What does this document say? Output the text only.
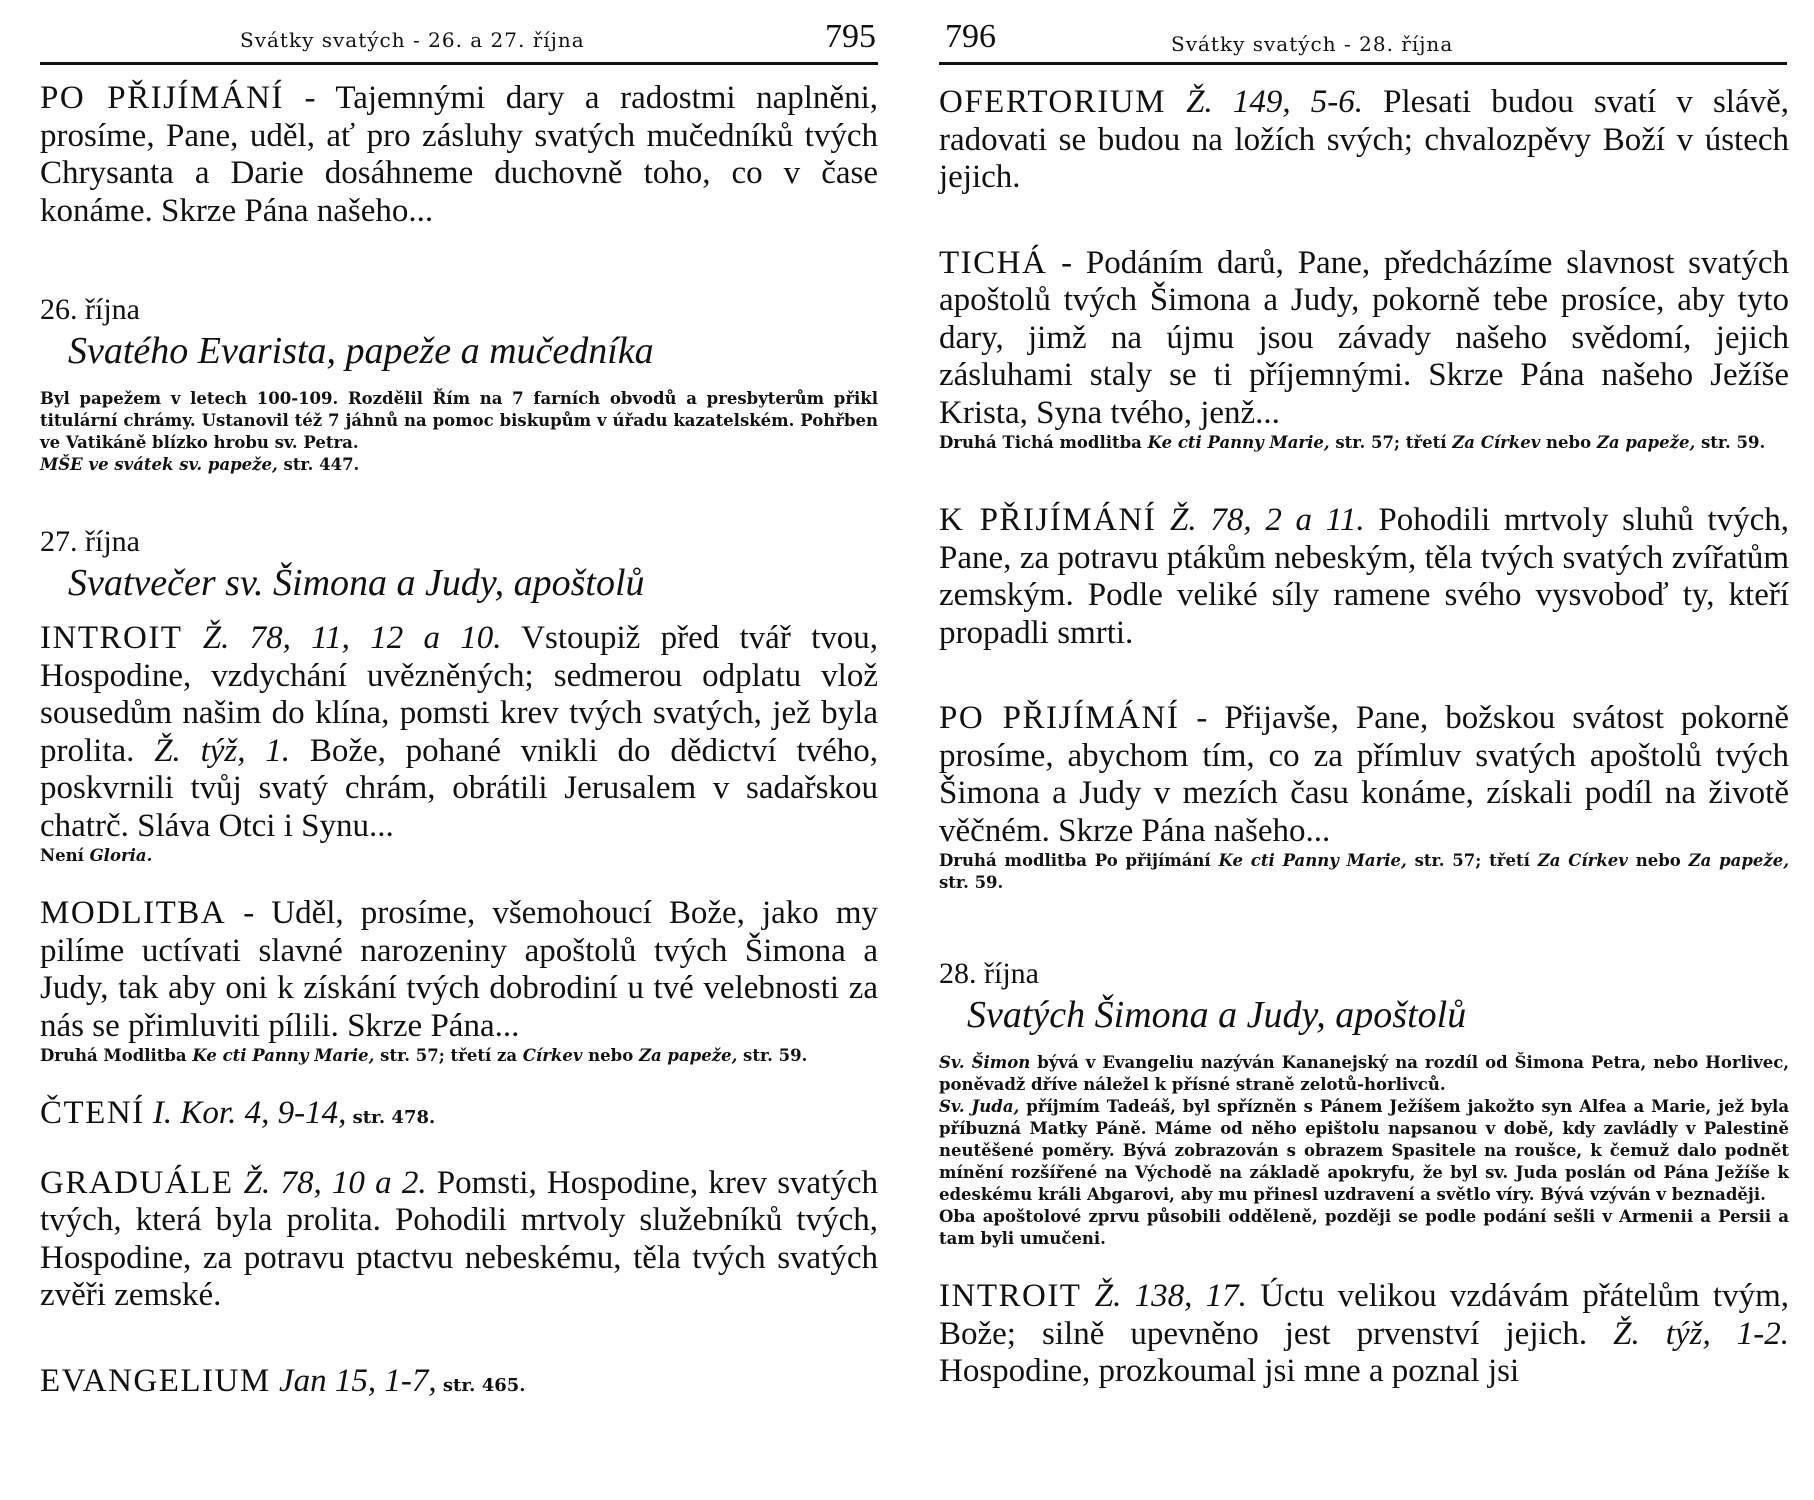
Svátky svatých - 26. a 27. října	795

PO PŘIJÍMÁNÍ - Tajemnými dary a radostmi naplněni, prosíme, Pane, uděl, ať pro zásluhy svatých mučedníků tvých Chrysanta a Darie dosáhneme duchovně toho, co v čase konáme. Skrze Pána našeho...

26. října

Svatého Evarista, papeže a mučedníka

Byl papežem v letech 100-109. Rozdělil Řím na 7 farních obvodů a presbyterům přikl titulární chrámy. Ustanovil též 7 jáhnů na pomoc biskupům v úřadu kazatelském. Pohřben ve Vatikáně blízko hrobu sv. Petra.
MŠE ve svátek sv. papeže, str. 447.

27. října

Svatvečer sv. Šimona a Judy, apoštolů

INTROIT Ž. 78, 11, 12 a 10. Vstoupiž před tvář tvou, Hospodine, vzdychání uvězněných; sedmerou odplatu vlož sousedům našim do klína, pomsti krev tvých svatých, jež byla prolita. Ž. týž, 1. Bože, pohané vnikli do dědictví tvého, poskvrnili tvůj svatý chrám, obrátili Jerusalem v sadařskou chatrč. Sláva Otci i Synu...

Není Gloria.

MODLITBA - Uděl, prosíme, všemohoucí Bože, jako my pilíme uctívati slavné narozeniny apoštolů tvých Šimona a Judy, tak aby oni k získání tvých dobrodiní u tvé velebnosti za nás se přimluviti pílili. Skrze Pána...

Druhá Modlitba Ke cti Panny Marie, str. 57; třetí za Církev nebo Za papeže, str. 59.

ČTENÍ I. Kor. 4, 9-14, str. 478.

GRADUÁLE Ž. 78, 10 a 2. Pomsti, Hospodine, krev svatých tvých, která byla prolita. Pohodili mrtvoly služebníků tvých, Hospodine, za potravu ptactvu nebeskému, těla tvých svatých zvěři zemské.

EVANGELIUM Jan 15, 1-7, str. 465.

796	Svátky svatých - 28. října

OFERTORIUM Ž. 149, 5-6. Plesati budou svatí v slávě, radovati se budou na ložích svých; chvalozpěvy Boží v ústech jejich.

TICHÁ - Podáním darů, Pane, předcházíme slavnost svatých apoštolů tvých Šimona a Judy, pokorně tebe prosíce, aby tyto dary, jimž na újmu jsou závady našeho svědomí, jejich zásluhami staly se ti příjemnými. Skrze Pána našeho Ježíše Krista, Syna tvého, jenž...

Druhá Tichá modlitba Ke cti Panny Marie, str. 57; třetí Za Církev nebo Za papeže, str. 59.

K PŘIJÍMÁNÍ Ž. 78, 2 a 11. Pohodili mrtvoly sluhů tvých, Pane, za potravu ptákům nebeským, těla tvých svatých zvířatům zemským. Podle veliké síly ramene svého vysvoboď ty, kteří propadli smrti.

PO PŘIJÍMÁNÍ - Přijavše, Pane, božskou svátost pokorně prosíme, abychom tím, co za přímluv svatých apoštolů tvých Šimona a Judy v mezích času konáme, získali podíl na životě věčném. Skrze Pána našeho...

Druhá modlitba Po přijímání Ke cti Panny Marie, str. 57; třetí Za Církev nebo Za papeže, str. 59.

28. října

Svatých Šimona a Judy, apoštolů

Sv. Šimon bývá v Evangeliu nazýván Kananejský na rozdíl od Šimona Petra, nebo Horlivec, poněvadž dříve náležel k přísné straně zelotů-horlivců.

Sv. Juda, příjmím Tadeáš, byl spřízněn s Pánem Ježíšem jakožto syn Alfea a Marie, jež byla příbuzná Matky Páně. Máme od něho epištolu napsanou v době, kdy zavládly v Palestině neutěšené poměry. Bývá zobrazován s obrazem Spasitele na roušce, k čemuž dalo podnět mínění rozšířené na Východě na základě apokryfu, že byl sv. Juda poslán od Pána Ježíše k edeskému králi Abgarovi, aby mu přinesl uzdravení a světlo víry. Bývá vzýván v beznaději.

Oba apoštolové zprvu působili odděleně, později se podle podání sešli v Armenii a Persii a tam byli umučeni.

INTROIT Ž. 138, 17. Úctu velikou vzdávám přátelům tvým, Bože; silně upevněno jest prvenství jejich. Ž. týž, 1-2. Hospodine, prozkoumal jsi mne a poznal jsi
